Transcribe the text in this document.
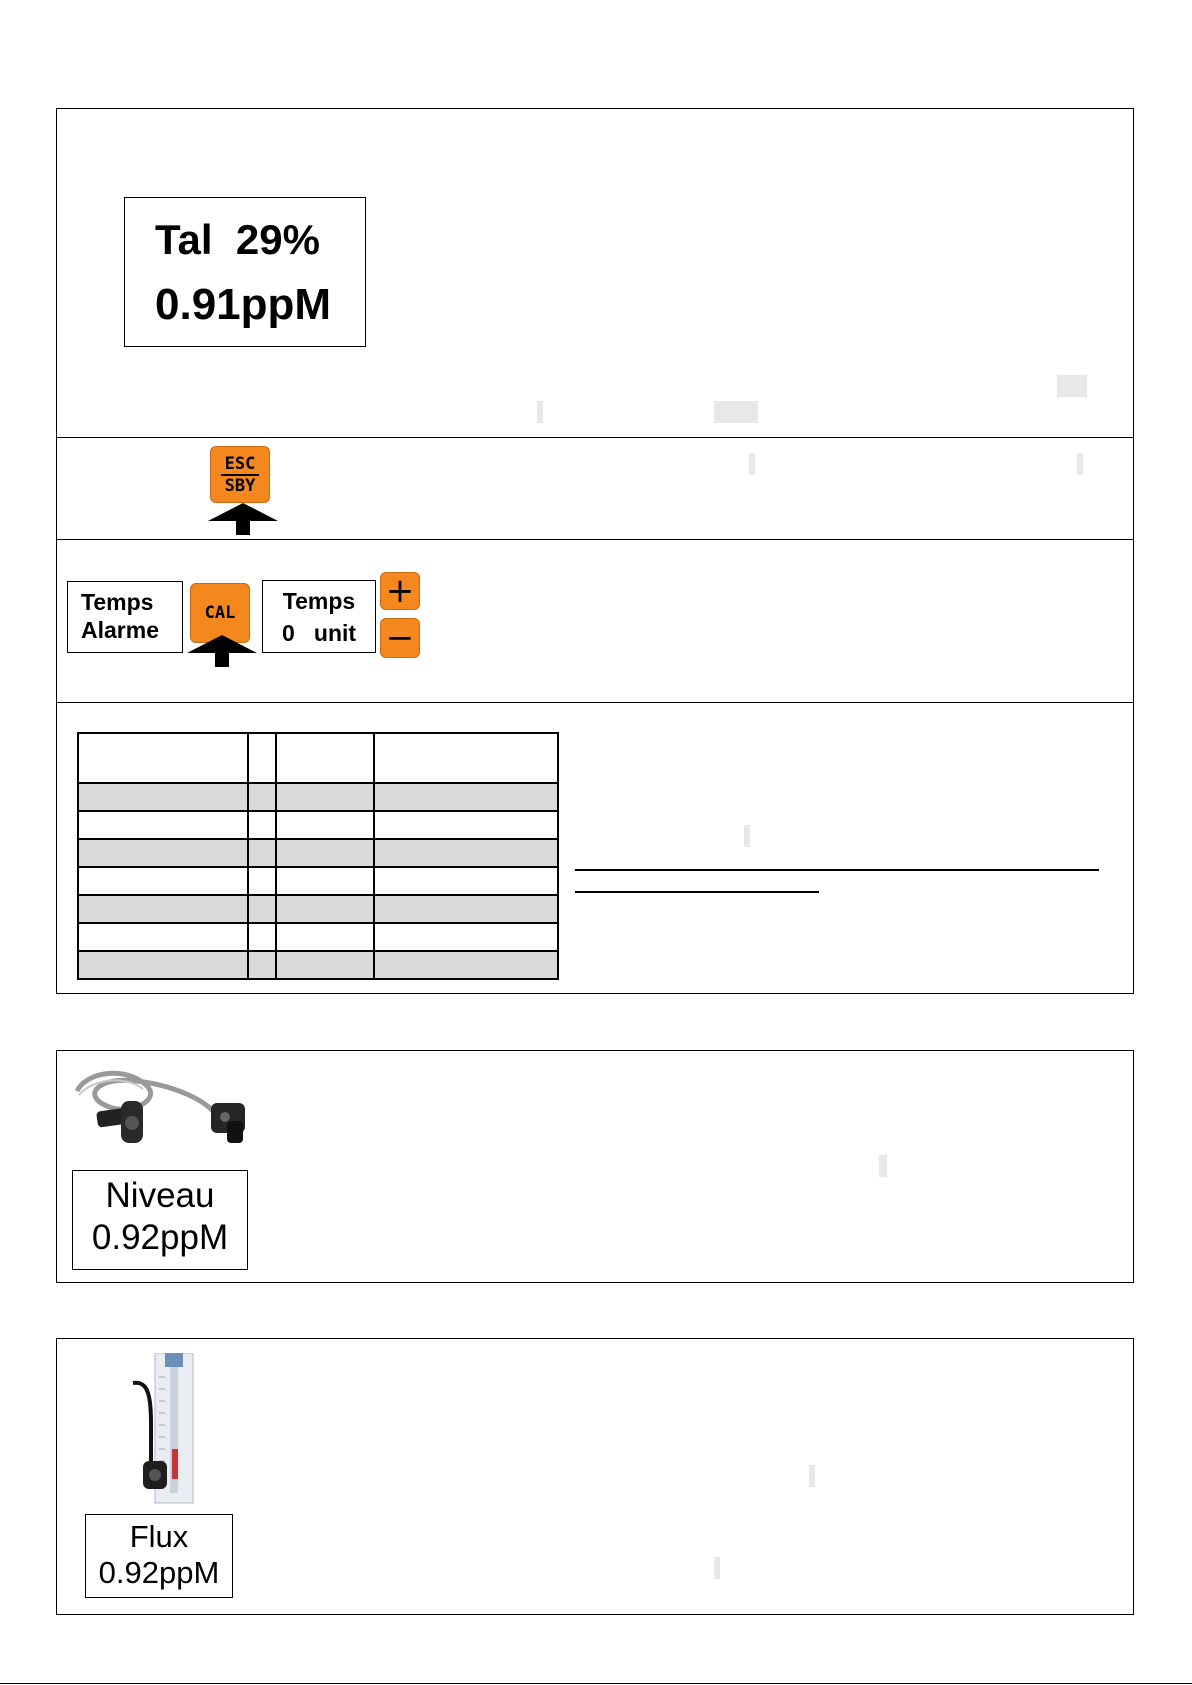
Tal  29%
0.91ppM
ESC
SBY
Temps
Alarme
CAL	Temps
0   unit
+
−

Niveau
0.92ppM
Flux
0.92ppM
